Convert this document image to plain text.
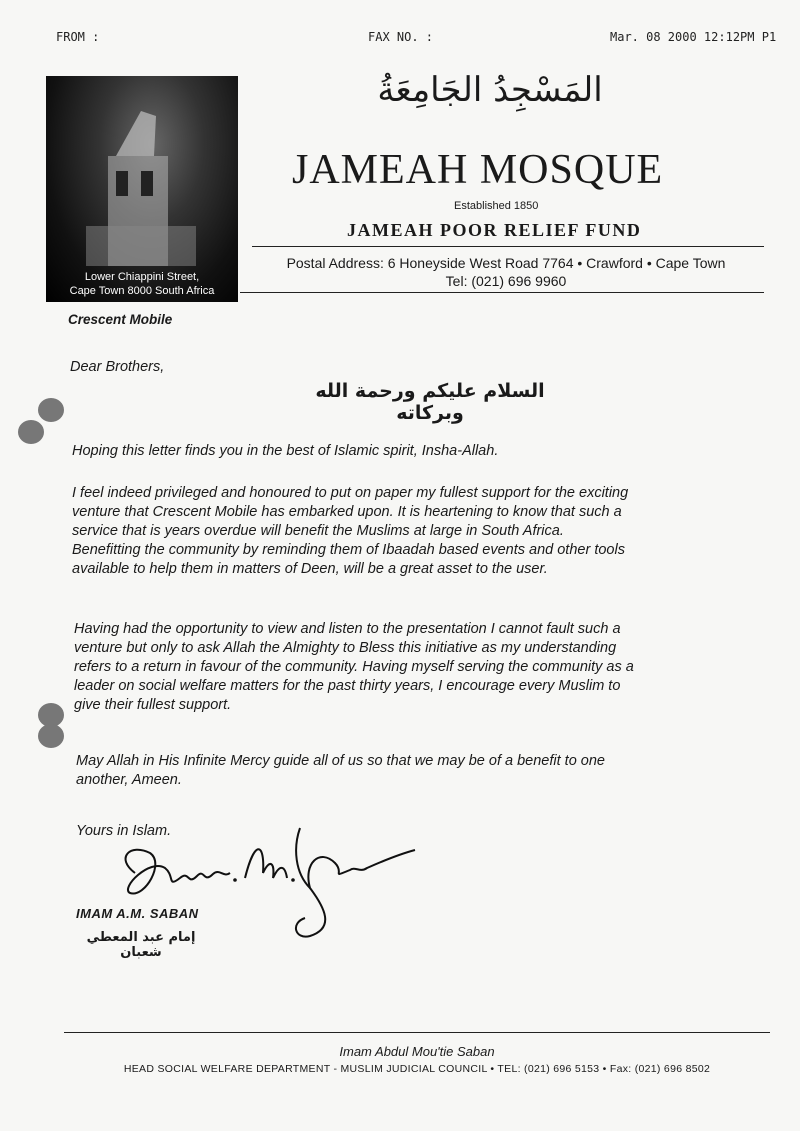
FROM :	FAX NO. :	Mar. 08 2000 12:12PM P1
Lower Chiappini Street,
Cape Town 8000 South Africa
المَسْجِدُ الجَامِعَةُ
JAMEAH MOSQUE
Established 1850
JAMEAH POOR RELIEF FUND
Postal Address: 6 Honeyside West Road 7764 • Crawford • Cape Town
Tel: (021) 696 9960
Crescent Mobile
Dear Brothers,
السلام عليكم ورحمة الله وبركاته
Hoping this letter finds you in the best of Islamic spirit, Insha-Allah.
I feel indeed privileged and honoured to put on paper my fullest support for the exciting
venture that Crescent Mobile has embarked upon. It is heartening to know that such a
service that is years overdue will benefit the Muslims at large in South Africa.
Benefitting the community by reminding them of Ibaadah based events and other tools
available to help them in matters of Deen, will be a great asset to the user.
Having had the opportunity to view and listen to the presentation I cannot fault such a
venture but only to ask Allah the Almighty to Bless this initiative as my understanding
refers to a return in favour of the community. Having myself serving the community as a
leader on social welfare matters for the past thirty years, I encourage every Muslim to
give their fullest support.
May Allah in His Infinite Mercy guide all of us so that we may be of a benefit to one
another, Ameen.
Yours in Islam.
IMAM A.M. SABAN
إمام عبد المعطي شعبان
Imam Abdul Mou'tie Saban
HEAD SOCIAL WELFARE DEPARTMENT - MUSLIM JUDICIAL COUNCIL • TEL: (021) 696 5153 • Fax: (021) 696 8502
